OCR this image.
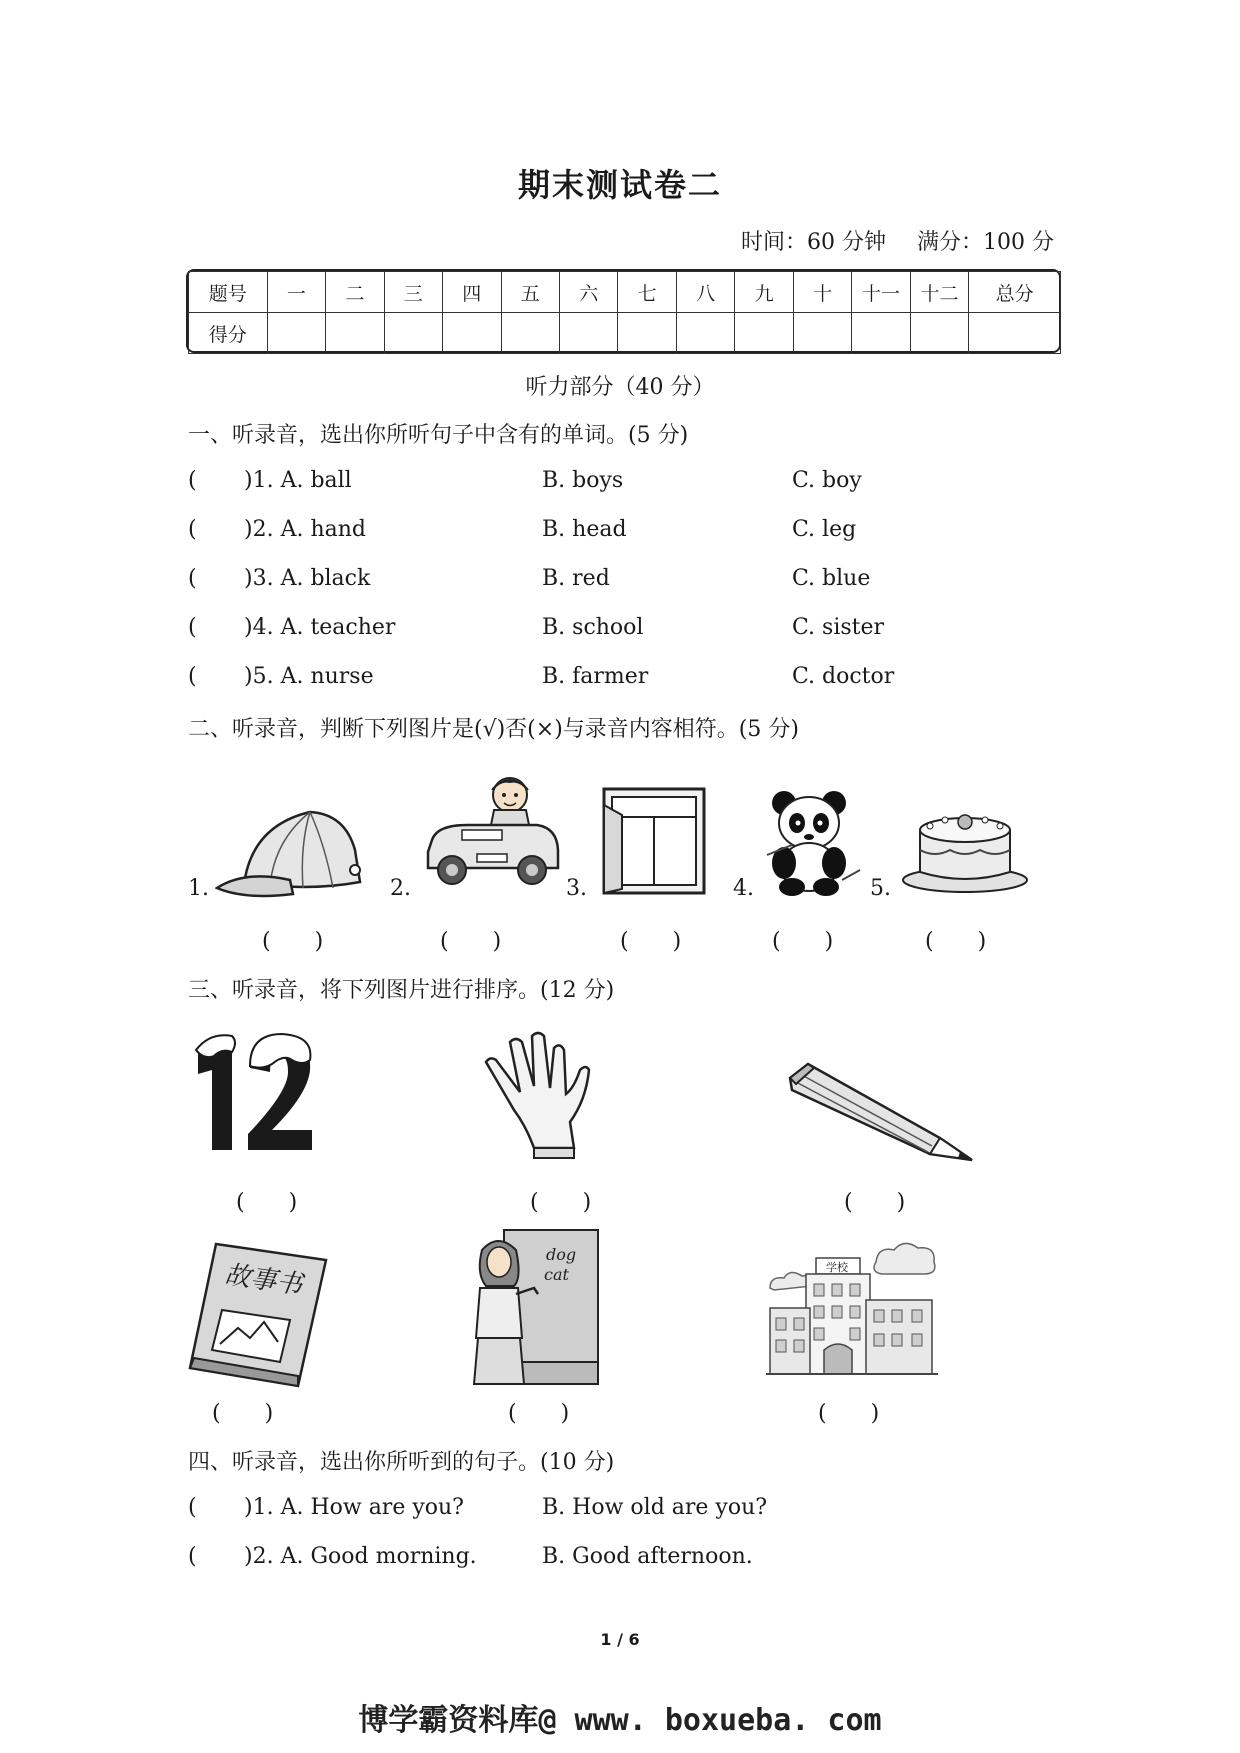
期末测试卷二
时间：60 分钟 满分：100 分
题号	一	二	三	四	五	六	七	八	九	十	十一	十二	总分
得分													
听力部分（40 分）
一、听录音，选出你所听句子中含有的单词。(5 分)
( )1. A. ball	B. boys	C. boy
( )2. A. hand	B. head	C. leg
( )3. A. black	B. red	C. blue
( )4. A. teacher	B. school	C. sister
( )5. A. nurse	B. farmer	C. doctor
二、听录音，判断下列图片是(√)否(×)与录音内容相符。(5 分)
1.
(　　)
2.
(　　)
3.
(　　)
4.
(　　)
5.
(　　)
三、听录音，将下列图片进行排序。(12 分)
(　　)	(　　)	(　　)
故事书
(　　)
dog
cat
(　　)
学校
(　　)
四、听录音，选出你所听到的句子。(10 分)
( )1. A. How are you?	B. How old are you?
( )2. A. Good morning.	B. Good afternoon.
1 / 6
博学霸资料库@ www. boxueba. com
